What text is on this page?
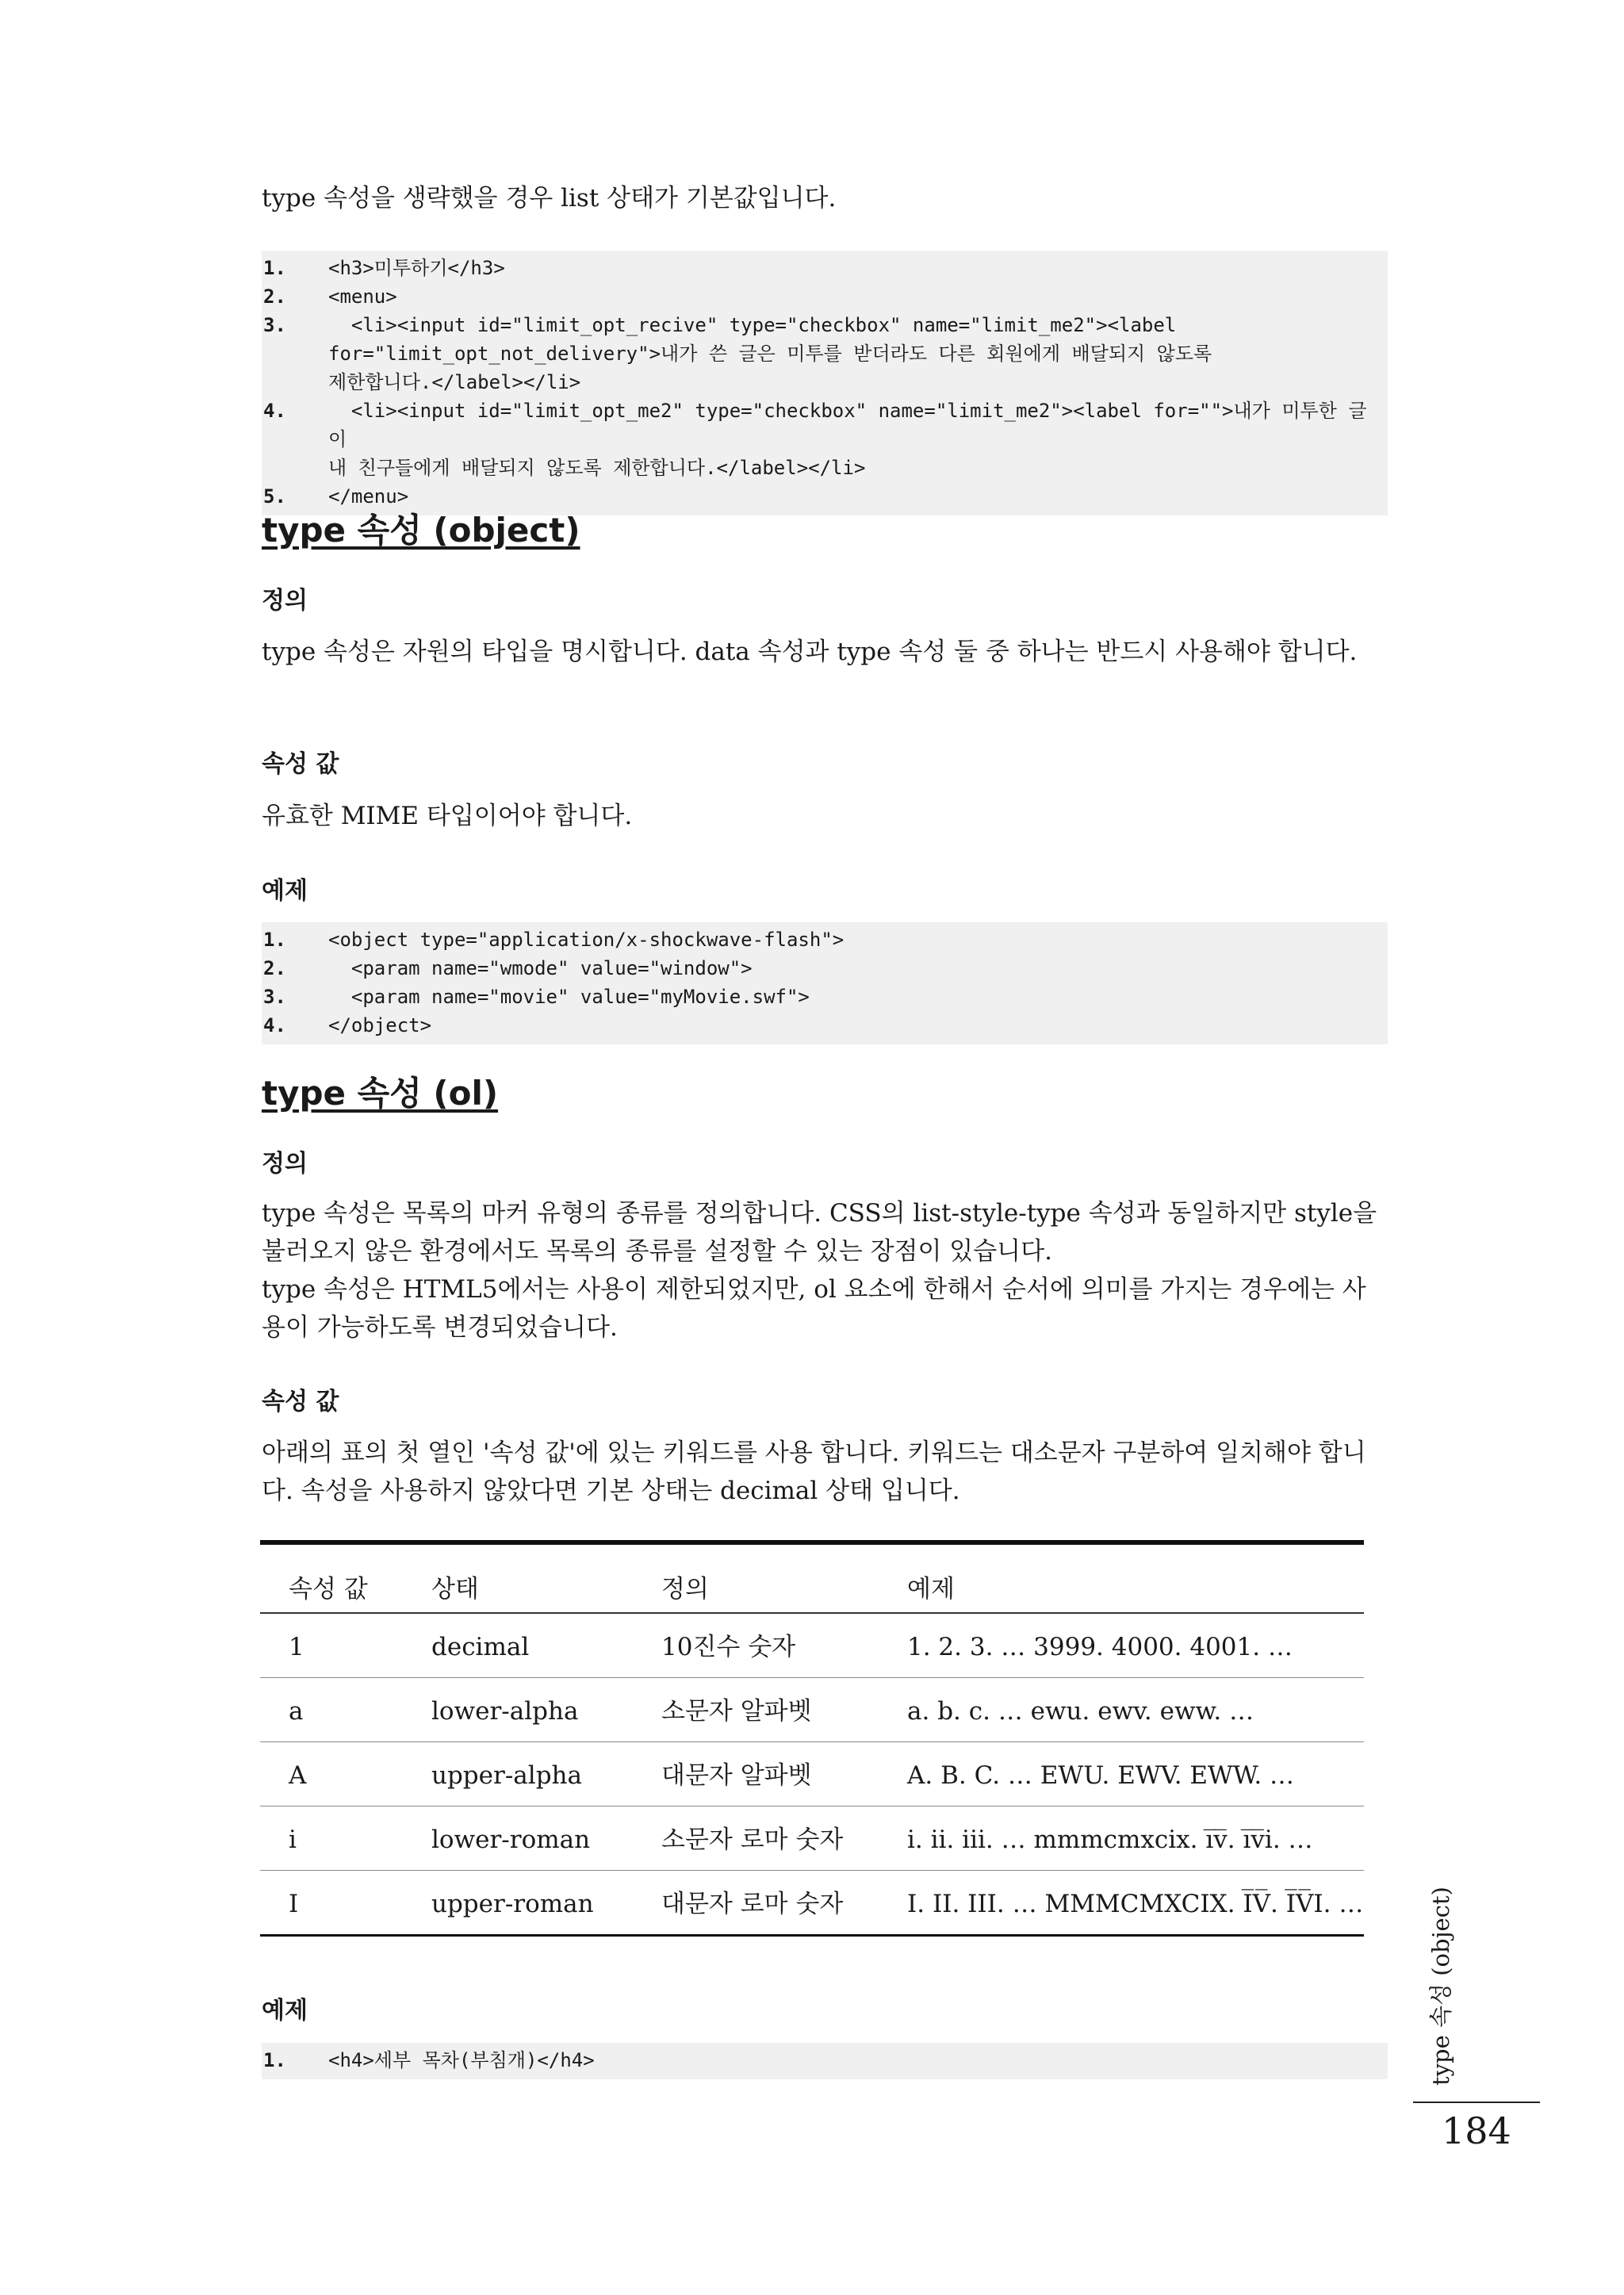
type 속성을 생략했을 경우 list 상태가 기본값입니다.

1.	<h3>미투하기</h3>
2.	<menu>
3.	<li><input id="limit_opt_recive" type="checkbox" name="limit_me2"><label
for="limit_opt_not_delivery">내가 쓴 글은 미투를 받더라도 다른 회원에게 배달되지 않도록
제한합니다.</label></li>
4.	<li><input id="limit_opt_me2" type="checkbox" name="limit_me2"><label for="">내가 미투한 글이
내 친구들에게 배달되지 않도록 제한합니다.</label></li>
5.	</menu>
type 속성 (object)
정의

type 속성은 자원의 타입을 명시합니다. data 속성과 type 속성 둘 중 하나는 반드시 사용해야 합니다.

속성 값

유효한 MIME 타입이어야 합니다.

예제
1.	<object type="application/x-shockwave-flash">
2.	<param name="wmode" value="window">
3.	<param name="movie" value="myMovie.swf">
4.	</object>
type 속성 (ol)
정의

type 속성은 목록의 마커 유형의 종류를 정의합니다. CSS의 list-style-type 속성과 동일하지만 style을 불러오지 않은 환경에서도 목록의 종류를 설정할 수 있는 장점이 있습니다.

type 속성은 HTML5에서는 사용이 제한되었지만, ol 요소에 한해서 순서에 의미를 가지는 경우에는 사용이 가능하도록 변경되었습니다.

속성 값

아래의 표의 첫 열인 '속성 값'에 있는 키워드를 사용 합니다. 키워드는 대소문자 구분하여 일치해야 합니다. 속성을 사용하지 않았다면 기본 상태는 decimal 상태 입니다.

속성 값	상태	정의	예제
1	decimal	10진수 숫자	1. 2. 3. … 3999. 4000. 4001. …
a	lower-alpha	소문자 알파벳	a. b. c. … ewu. ewv. eww. …
A	upper-alpha	대문자 알파벳	A. B. C. … EWU. EWV. EWW. …
i	lower-roman	소문자 로마 숫자	i. ii. iii. … mmmcmxcix. i̅v̅. i̅v̅i. …
I	upper-roman	대문자 로마 숫자	I. II. III. … MMMCMXCIX. I̅V̅. I̅V̅I. …
예제
1.	<h4>세부 목차(부침개)</h4>	type 속성 (object)
184
